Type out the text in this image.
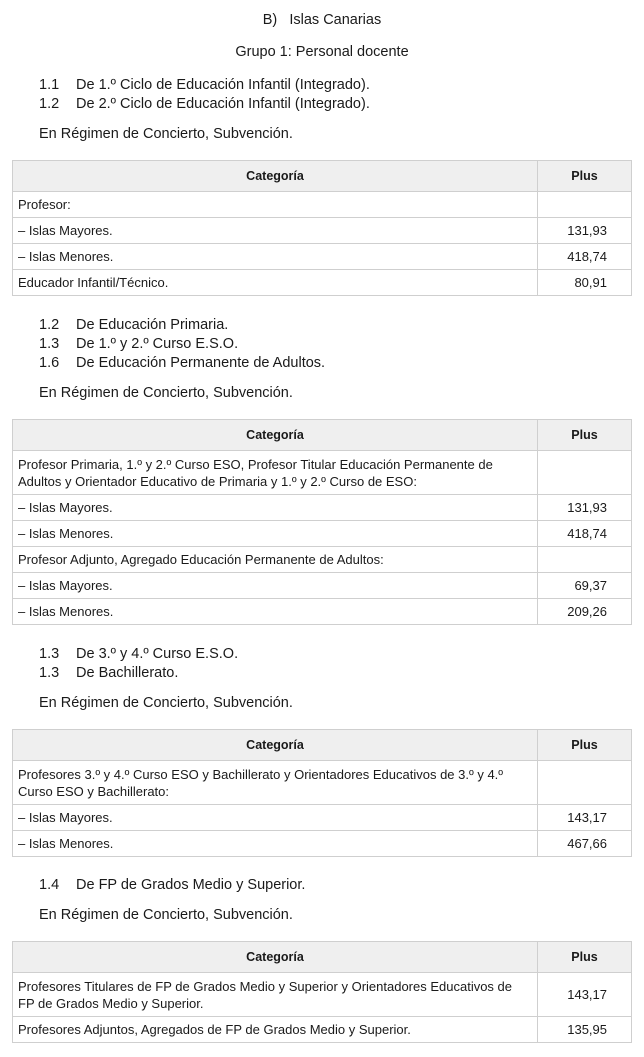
B)   Islas Canarias
Grupo 1: Personal docente
1.1 De 1.º Ciclo de Educación Infantil (Integrado).
1.2 De 2.º Ciclo de Educación Infantil (Integrado).
En Régimen de Concierto, Subvención.
Categoría	Plus
Profesor:	
– Islas Mayores.	131,93
– Islas Menores.	418,74
Educador Infantil/Técnico.	80,91
1.2 De Educación Primaria.
1.3 De 1.º y 2.º Curso E.S.O.
1.6 De Educación Permanente de Adultos.
En Régimen de Concierto, Subvención.
Categoría	Plus
Profesor Primaria, 1.º y 2.º Curso ESO, Profesor Titular Educación Permanente de Adultos y Orientador Educativo de Primaria y 1.º y 2.º Curso de ESO:	
– Islas Mayores.	131,93
– Islas Menores.	418,74
Profesor Adjunto, Agregado Educación Permanente de Adultos:	
– Islas Mayores.	69,37
– Islas Menores.	209,26
1.3 De 3.º y 4.º Curso E.S.O.
1.3 De Bachillerato.
En Régimen de Concierto, Subvención.
Categoría	Plus
Profesores 3.º y 4.º Curso ESO y Bachillerato y Orientadores Educativos de 3.º y 4.º Curso ESO y Bachillerato:	
– Islas Mayores.	143,17
– Islas Menores.	467,66
1.4 De FP de Grados Medio y Superior.
En Régimen de Concierto, Subvención.
Categoría	Plus
Profesores Titulares de FP de Grados Medio y Superior y Orientadores Educativos de FP de Grados Medio y Superior.	143,17
Profesores Adjuntos, Agregados de FP de Grados Medio y Superior.	135,95
